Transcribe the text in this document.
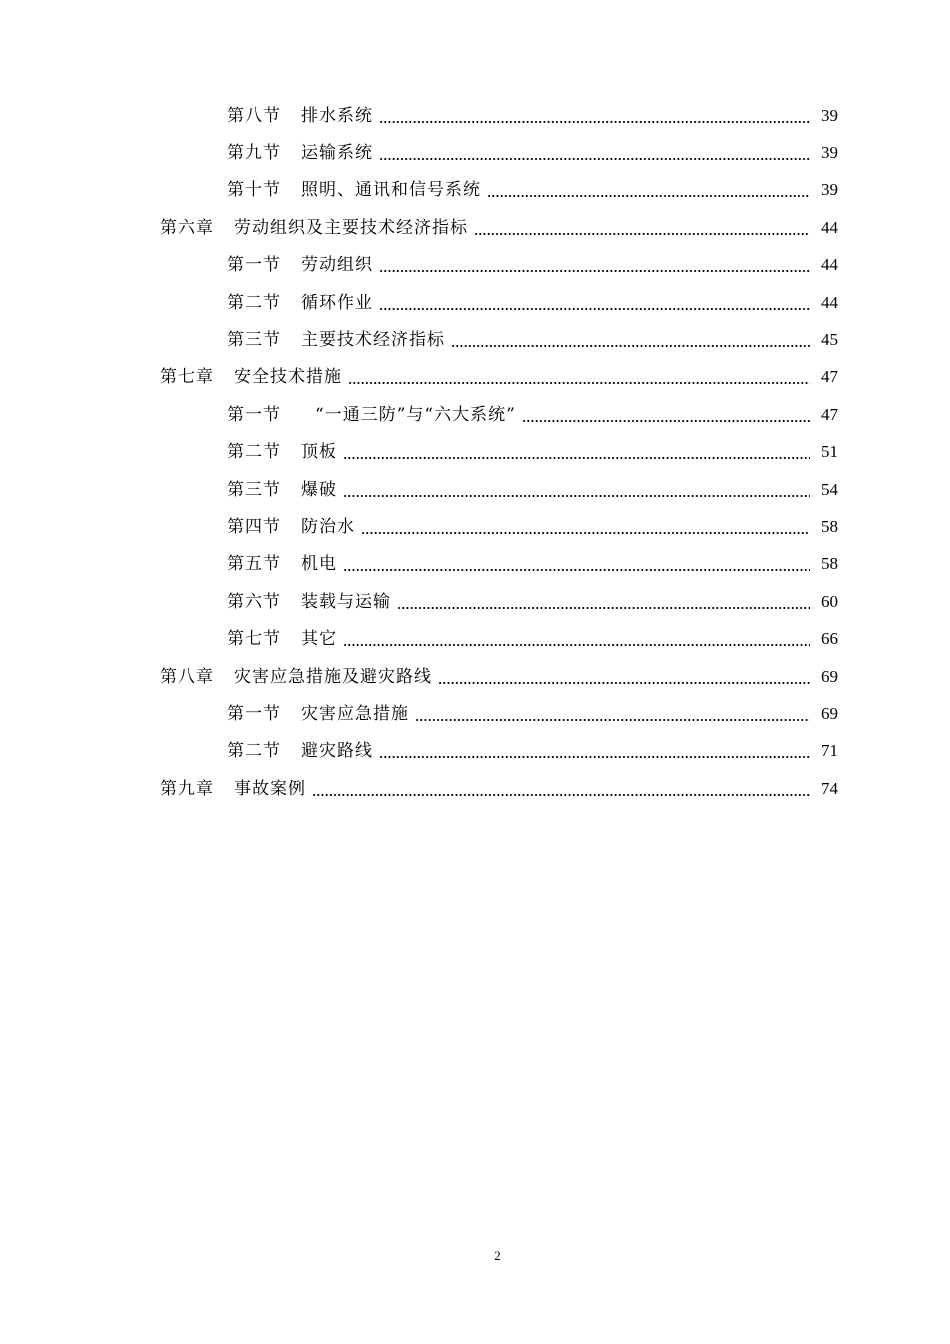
第八节 排水系统	39
第九节 运输系统	39
第十节 照明、通讯和信号系统	39
第六章 劳动组织及主要技术经济指标	44
第一节 劳动组织	44
第二节 循环作业	44
第三节 主要技术经济指标	45
第七章 安全技术措施	47
第一节 “一通三防”与“六大系统”	47
第二节 顶板	51
第三节 爆破	54
第四节 防治水	58
第五节 机电	58
第六节 装载与运输	60
第七节 其它	66
第八章 灾害应急措施及避灾路线	69
第一节 灾害应急措施	69
第二节 避灾路线	71
第九章 事故案例	74
2
